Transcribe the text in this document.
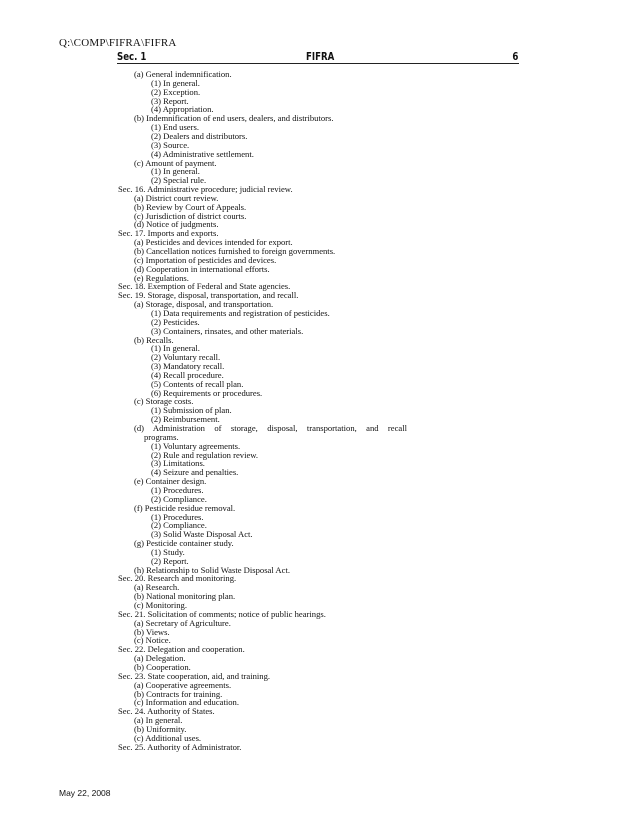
Q:\COMP\FIFRA\FIFRA
Sec. 1	FIFRA	6
(a) General indemnification.
(1) In general.
(2) Exception.
(3) Report.
(4) Appropriation.
(b) Indemnification of end users, dealers, and distributors.
(1) End users.
(2) Dealers and distributors.
(3) Source.
(4) Administrative settlement.
(c) Amount of payment.
(1) In general.
(2) Special rule.
Sec. 16. Administrative procedure; judicial review.
(a) District court review.
(b) Review by Court of Appeals.
(c) Jurisdiction of district courts.
(d) Notice of judgments.
Sec. 17. Imports and exports.
(a) Pesticides and devices intended for export.
(b) Cancellation notices furnished to foreign governments.
(c) Importation of pesticides and devices.
(d) Cooperation in international efforts.
(e) Regulations.
Sec. 18. Exemption of Federal and State agencies.
Sec. 19. Storage, disposal, transportation, and recall.
(a) Storage, disposal, and transportation.
(1) Data requirements and registration of pesticides.
(2) Pesticides.
(3) Containers, rinsates, and other materials.
(b) Recalls.
(1) In general.
(2) Voluntary recall.
(3) Mandatory recall.
(4) Recall procedure.
(5) Contents of recall plan.
(6) Requirements or procedures.
(c) Storage costs.
(1) Submission of plan.
(2) Reimbursement.
(d) Administration of storage, disposal, transportation, and recall
programs.
(1) Voluntary agreements.
(2) Rule and regulation review.
(3) Limitations.
(4) Seizure and penalties.
(e) Container design.
(1) Procedures.
(2) Compliance.
(f) Pesticide residue removal.
(1) Procedures.
(2) Compliance.
(3) Solid Waste Disposal Act.
(g) Pesticide container study.
(1) Study.
(2) Report.
(h) Relationship to Solid Waste Disposal Act.
Sec. 20. Research and monitoring.
(a) Research.
(b) National monitoring plan.
(c) Monitoring.
Sec. 21. Solicitation of comments; notice of public hearings.
(a) Secretary of Agriculture.
(b) Views.
(c) Notice.
Sec. 22. Delegation and cooperation.
(a) Delegation.
(b) Cooperation.
Sec. 23. State cooperation, aid, and training.
(a) Cooperative agreements.
(b) Contracts for training.
(c) Information and education.
Sec. 24. Authority of States.
(a) In general.
(b) Uniformity.
(c) Additional uses.
Sec. 25. Authority of Administrator.
May 22, 2008
